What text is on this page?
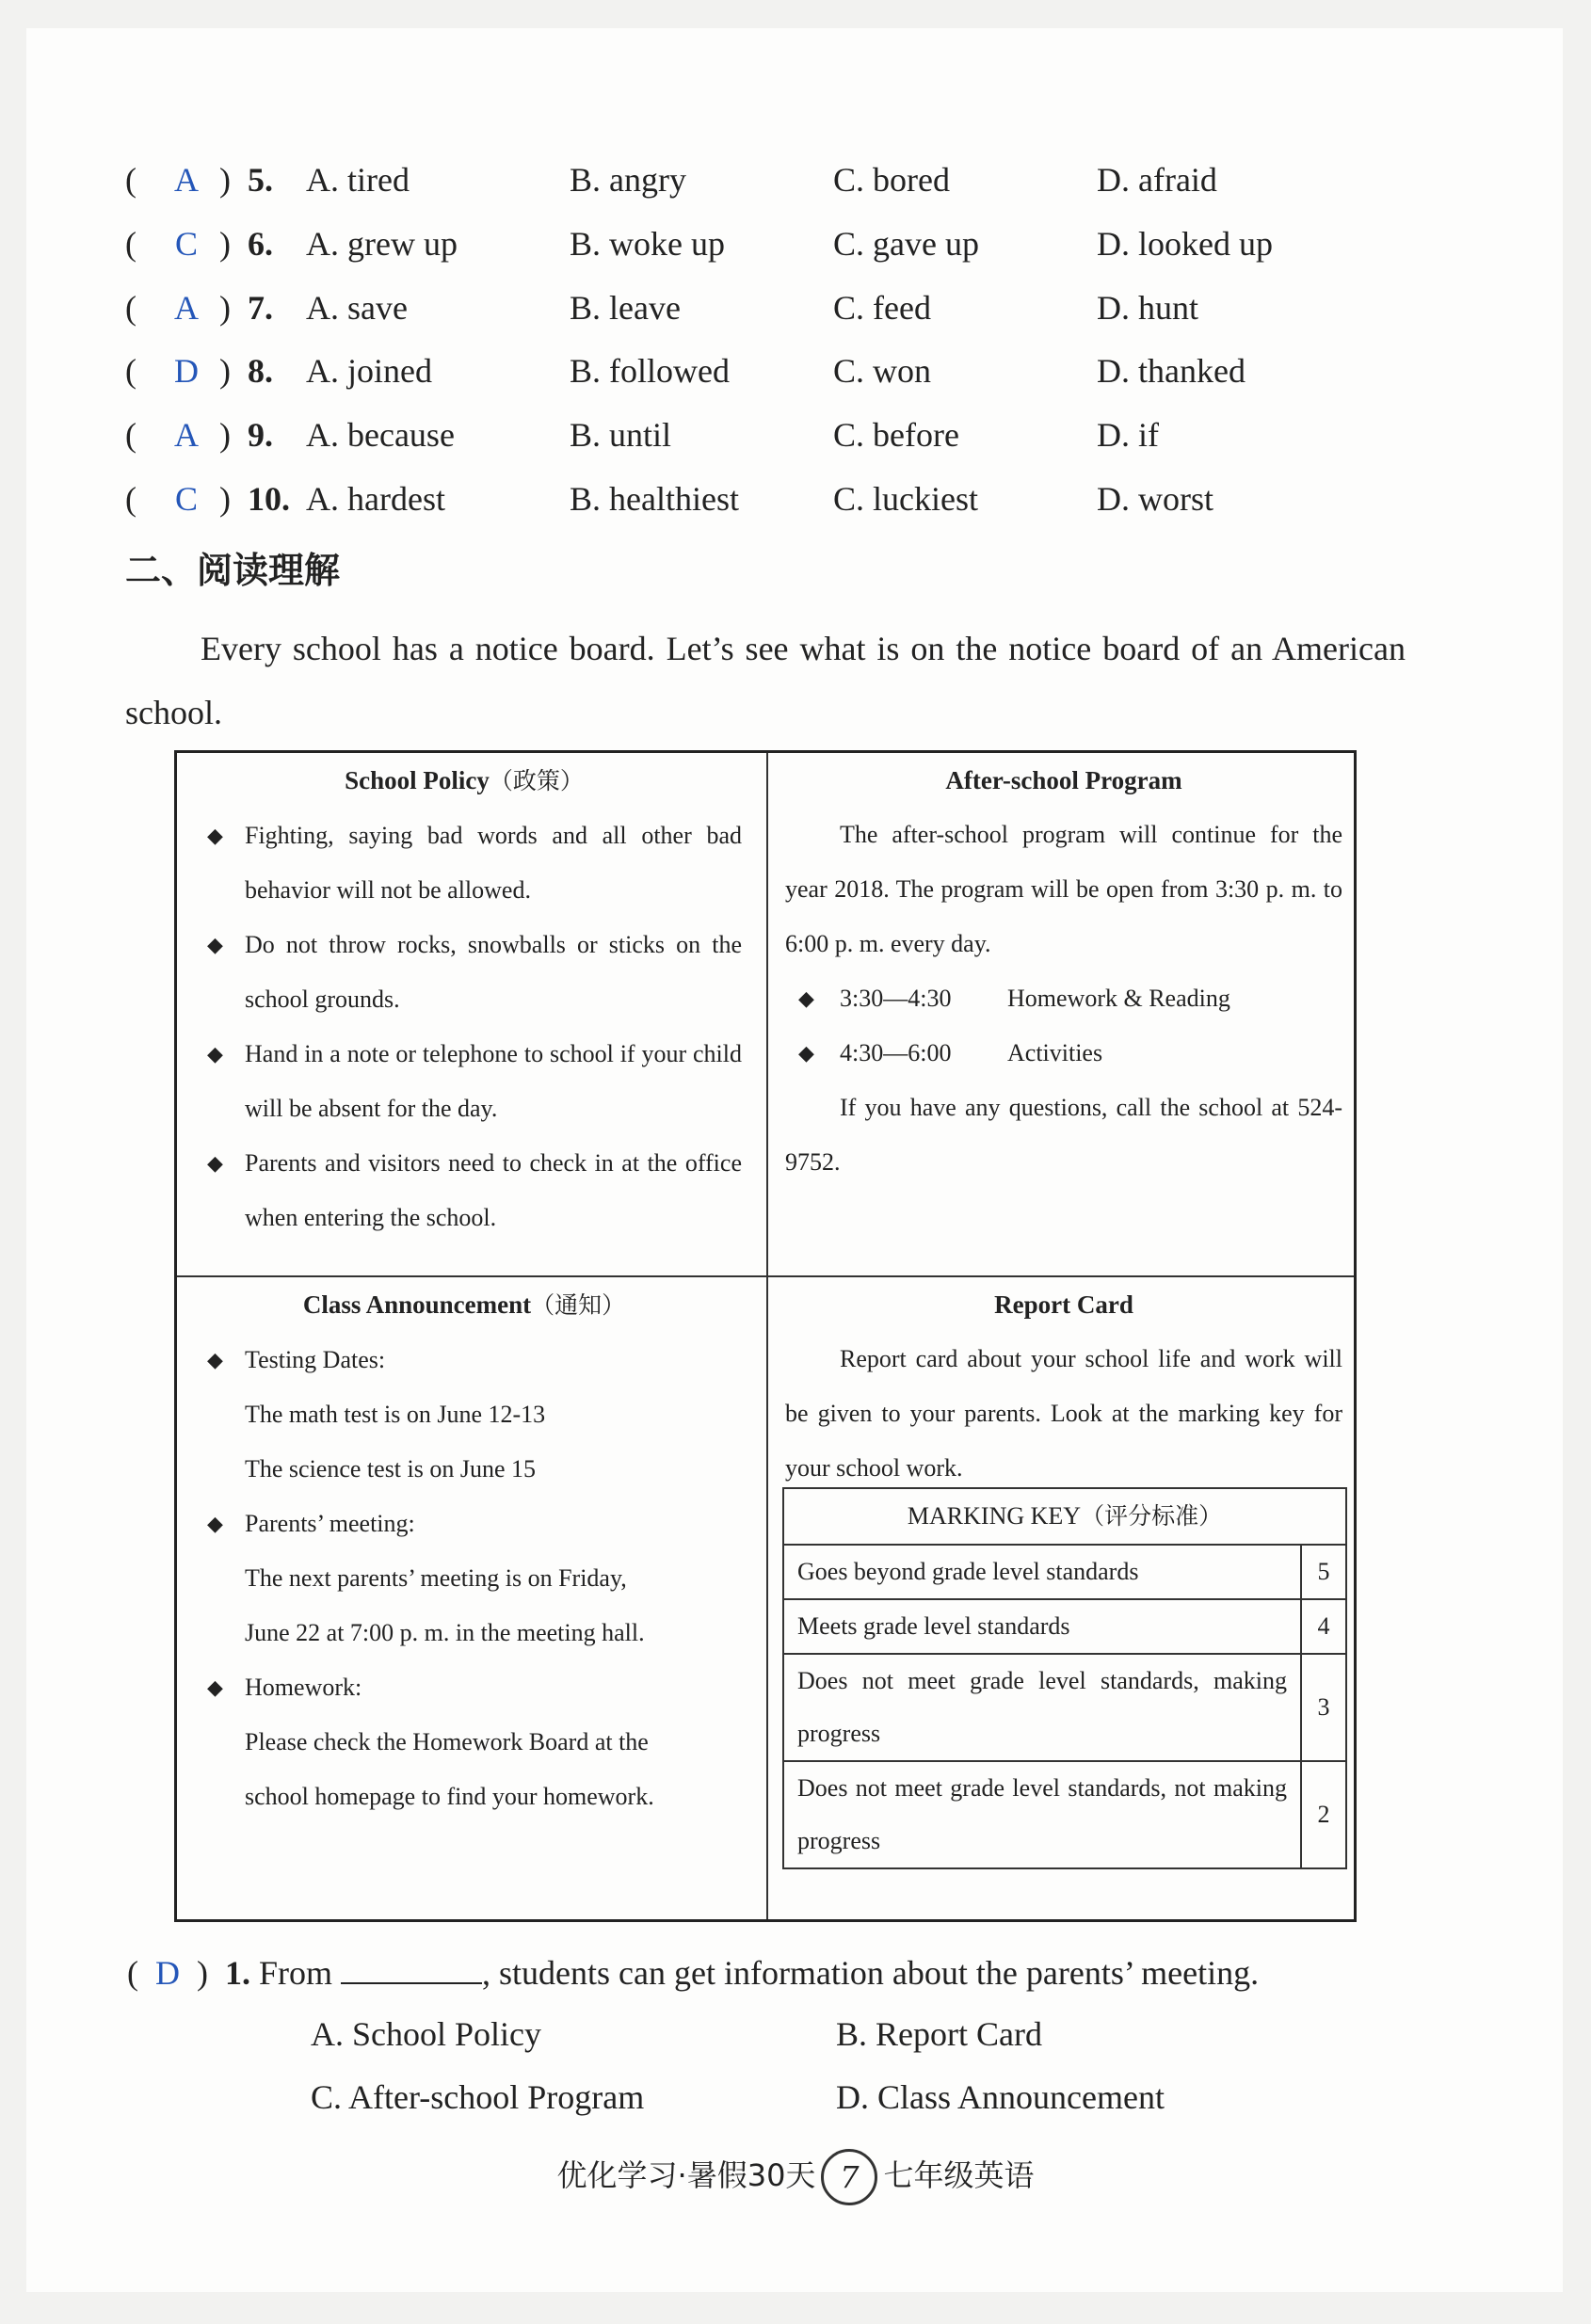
( A ) 5. A. tired	B. angry	C. bored	D. afraid
( C ) 6. A. grew up	B. woke up	C. gave up	D. looked up
( A ) 7. A. save	B. leave	C. feed	D. hunt
( D ) 8. A. joined	B. followed	C. won	D. thanked
( A ) 9. A. because	B. until	C. before	D. if
( C ) 10. A. hardest	B. healthiest	C. luckiest	D. worst
二、阅读理解
Every school has a notice board. Let’s see what is on the notice board of an American school.
School Policy（政策）
◆ Fighting, saying bad words and all other bad behavior will not be allowed.
◆ Do not throw rocks, snowballs or sticks on the school grounds.
◆ Hand in a note or telephone to school if your child will be absent for the day.
◆ Parents and visitors need to check in at the office when entering the school.
After-school Program
The after-school program will continue for the year 2018. The program will be open from 3:30 p. m. to 6:00 p. m. every day.
◆ 3:30—4:30 Homework & Reading
◆ 4:30—6:00 Activities
If you have any questions, call the school at 524-9752.
Class Announcement（通知）
◆ Testing Dates:
The math test is on June 12-13
The science test is on June 15
◆ Parents’ meeting:
The next parents’ meeting is on Friday,
June 22 at 7:00 p. m. in the meeting hall.
◆ Homework:
Please check the Homework Board at the
school homepage to find your homework.
Report Card
Report card about your school life and work will be given to your parents. Look at the marking key for your school work.
MARKING KEY（评分标准）	
Goes beyond grade level standards	5
Meets grade level standards	4
Does not meet grade level standards, making progress	3
Does not meet grade level standards, not making progress	2
(  D  )  1. From	, students can get information about the parents’ meeting.
A. School Policy	B. Report Card
C. After-school Program	D. Class Announcement
优化学习·暑假30天 7 七年级英语
